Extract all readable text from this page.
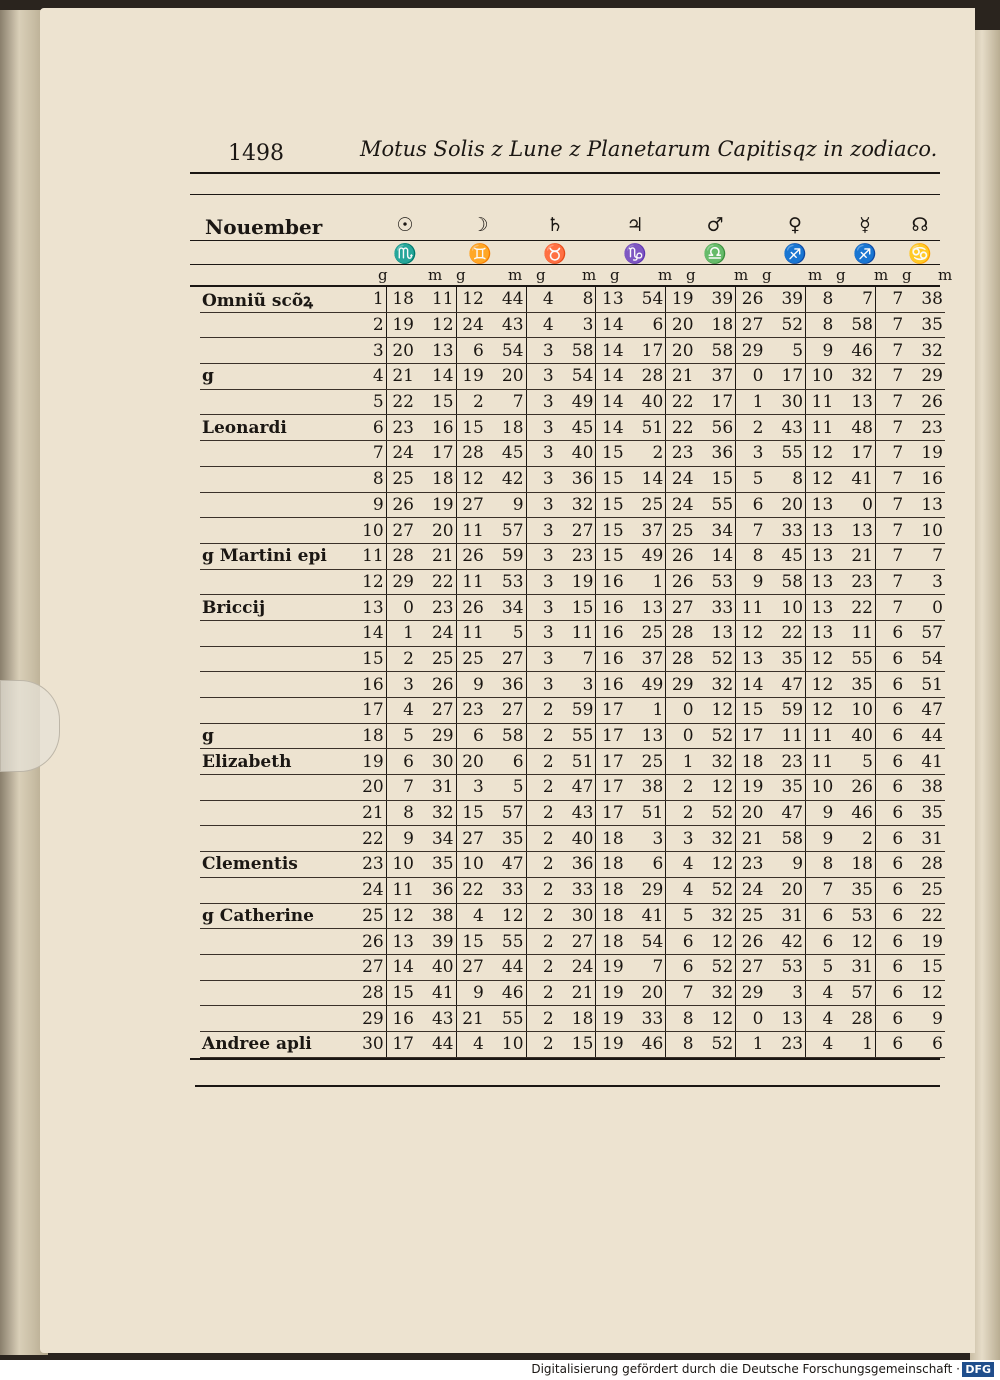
1498	Motus Solis z Lune z Planetarum Capitisqz in zodiaco.
Nouember	☉	☽	♄	♃	♂	♀	☿	☊
♏	♊	♉	♑	♎	♐	♐	♋
g	m g	m g m g	m g	m g m g m g m
Omniũ scõꝝ	1	18	11	12	44	4	8	13	54	19	39	26	39	8	7	7	38
	2	19	12	24	43	4	3	14	6	20	18	27	52	8	58	7	35
	3	20	13	6	54	3	58	14	17	20	58	29	5	9	46	7	32
g	4	21	14	19	20	3	54	14	28	21	37	0	17	10	32	7	29
	5	22	15	2	7	3	49	14	40	22	17	1	30	11	13	7	26
Leonardi	6	23	16	15	18	3	45	14	51	22	56	2	43	11	48	7	23
	7	24	17	28	45	3	40	15	2	23	36	3	55	12	17	7	19
	8	25	18	12	42	3	36	15	14	24	15	5	8	12	41	7	16
	9	26	19	27	9	3	32	15	25	24	55	6	20	13	0	7	13
	10	27	20	11	57	3	27	15	37	25	34	7	33	13	13	7	10
g Martini epi	11	28	21	26	59	3	23	15	49	26	14	8	45	13	21	7	7
	12	29	22	11	53	3	19	16	1	26	53	9	58	13	23	7	3
Briccij	13	0	23	26	34	3	15	16	13	27	33	11	10	13	22	7	0
	14	1	24	11	5	3	11	16	25	28	13	12	22	13	11	6	57
	15	2	25	25	27	3	7	16	37	28	52	13	35	12	55	6	54
	16	3	26	9	36	3	3	16	49	29	32	14	47	12	35	6	51
	17	4	27	23	27	2	59	17	1	0	12	15	59	12	10	6	47
g	18	5	29	6	58	2	55	17	13	0	52	17	11	11	40	6	44
Elizabeth	19	6	30	20	6	2	51	17	25	1	32	18	23	11	5	6	41
	20	7	31	3	5	2	47	17	38	2	12	19	35	10	26	6	38
	21	8	32	15	57	2	43	17	51	2	52	20	47	9	46	6	35
	22	9	34	27	35	2	40	18	3	3	32	21	58	9	2	6	31
Clementis	23	10	35	10	47	2	36	18	6	4	12	23	9	8	18	6	28
	24	11	36	22	33	2	33	18	29	4	52	24	20	7	35	6	25
g Catherine	25	12	38	4	12	2	30	18	41	5	32	25	31	6	53	6	22
	26	13	39	15	55	2	27	18	54	6	12	26	42	6	12	6	19
	27	14	40	27	44	2	24	19	7	6	52	27	53	5	31	6	15
	28	15	41	9	46	2	21	19	20	7	32	29	3	4	57	6	12
	29	16	43	21	55	2	18	19	33	8	12	0	13	4	28	6	9
Andree apli	30	17	44	4	10	2	15	19	46	8	52	1	23	4	1	6	6
Digitalisierung gefördert durch die Deutsche Forschungsgemeinschaft · DFG
